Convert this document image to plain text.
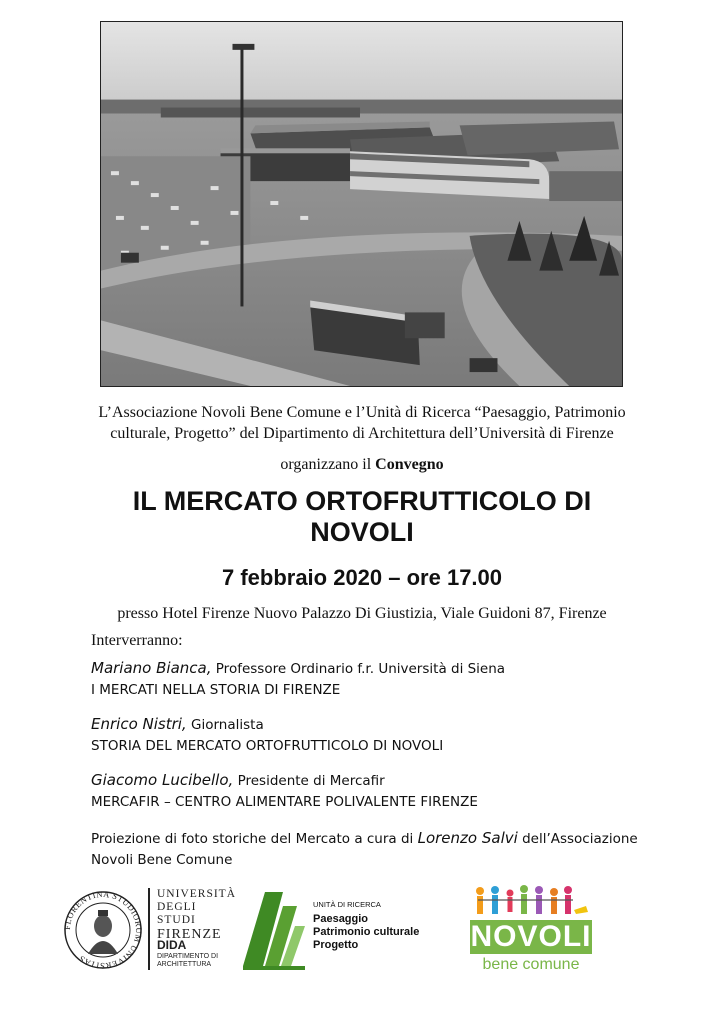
L’Associazione Novoli Bene Comune e l’Unità di Ricerca “Paesaggio, Patrimonio
culturale, Progetto” del Dipartimento di Architettura dell’Università di Firenze
organizzano il Convegno
IL MERCATO ORTOFRUTTICOLO DI
NOVOLI
7 febbraio 2020 – ore 17.00
presso Hotel Firenze Nuovo Palazzo Di Giustizia, Viale Guidoni 87, Firenze
Interverranno:
Mariano Bianca, Professore Ordinario f.r. Università di Siena
I MERCATI NELLA STORIA DI FIRENZE
Enrico Nistri, Giornalista
STORIA DEL MERCATO ORTOFRUTTICOLO DI NOVOLI
Giacomo Lucibello, Presidente di Mercafir
MERCAFIR – CENTRO ALIMENTARE POLIVALENTE FIRENZE
Proiezione di foto storiche del Mercato a cura di Lorenzo Salvi dell’Associazione
Novoli Bene Comune
FLORENTINA STUDIORUM UNIVERSITAS
UNIVERSITÀ
DEGLI STUDI
FIRENZE
DIDA
DIPARTIMENTO DI
ARCHITETTURA
UNITÀ DI RICERCA
Paesaggio
Patrimonio culturale
Progetto	NOVOLI
bene comune
